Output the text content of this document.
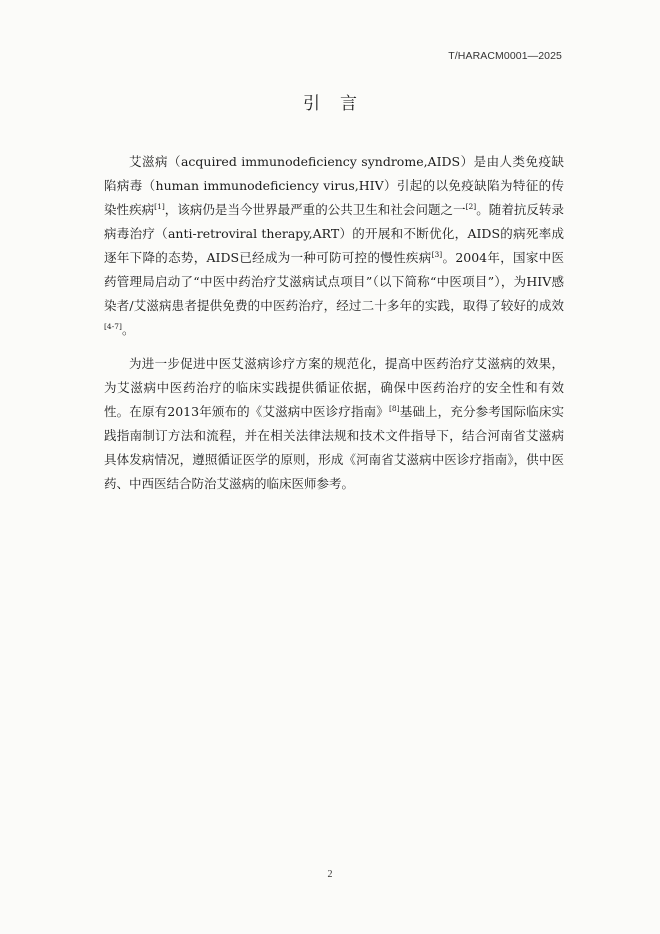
T/HARACM0001—2025
引言

艾滋病（acquired immunodeficiency syndrome,AIDS）是由人类免疫缺陷病毒（human immunodeficiency virus,HIV）引起的以免疫缺陷为特征的传染性疾病[1]，该病仍是当今世界最严重的公共卫生和社会问题之一[2]。随着抗反转录病毒治疗（anti-retroviral therapy,ART）的开展和不断优化，AIDS的病死率成逐年下降的态势，AIDS已经成为一种可防可控的慢性疾病[3]。2004年，国家中医药管理局启动了“中医中药治疗艾滋病试点项目”（以下简称“中医项目”），为HIV感染者/艾滋病患者提供免费的中医药治疗，经过二十多年的实践，取得了较好的成效[4-7]。

为进一步促进中医艾滋病诊疗方案的规范化，提高中医药治疗艾滋病的效果，为艾滋病中医药治疗的临床实践提供循证依据，确保中医药治疗的安全性和有效性。在原有2013年颁布的《艾滋病中医诊疗指南》[8]基础上，充分参考国际临床实践指南制订方法和流程，并在相关法律法规和技术文件指导下，结合河南省艾滋病具体发病情况，遵照循证医学的原则，形成《河南省艾滋病中医诊疗指南》，供中医药、中西医结合防治艾滋病的临床医师参考。

2
